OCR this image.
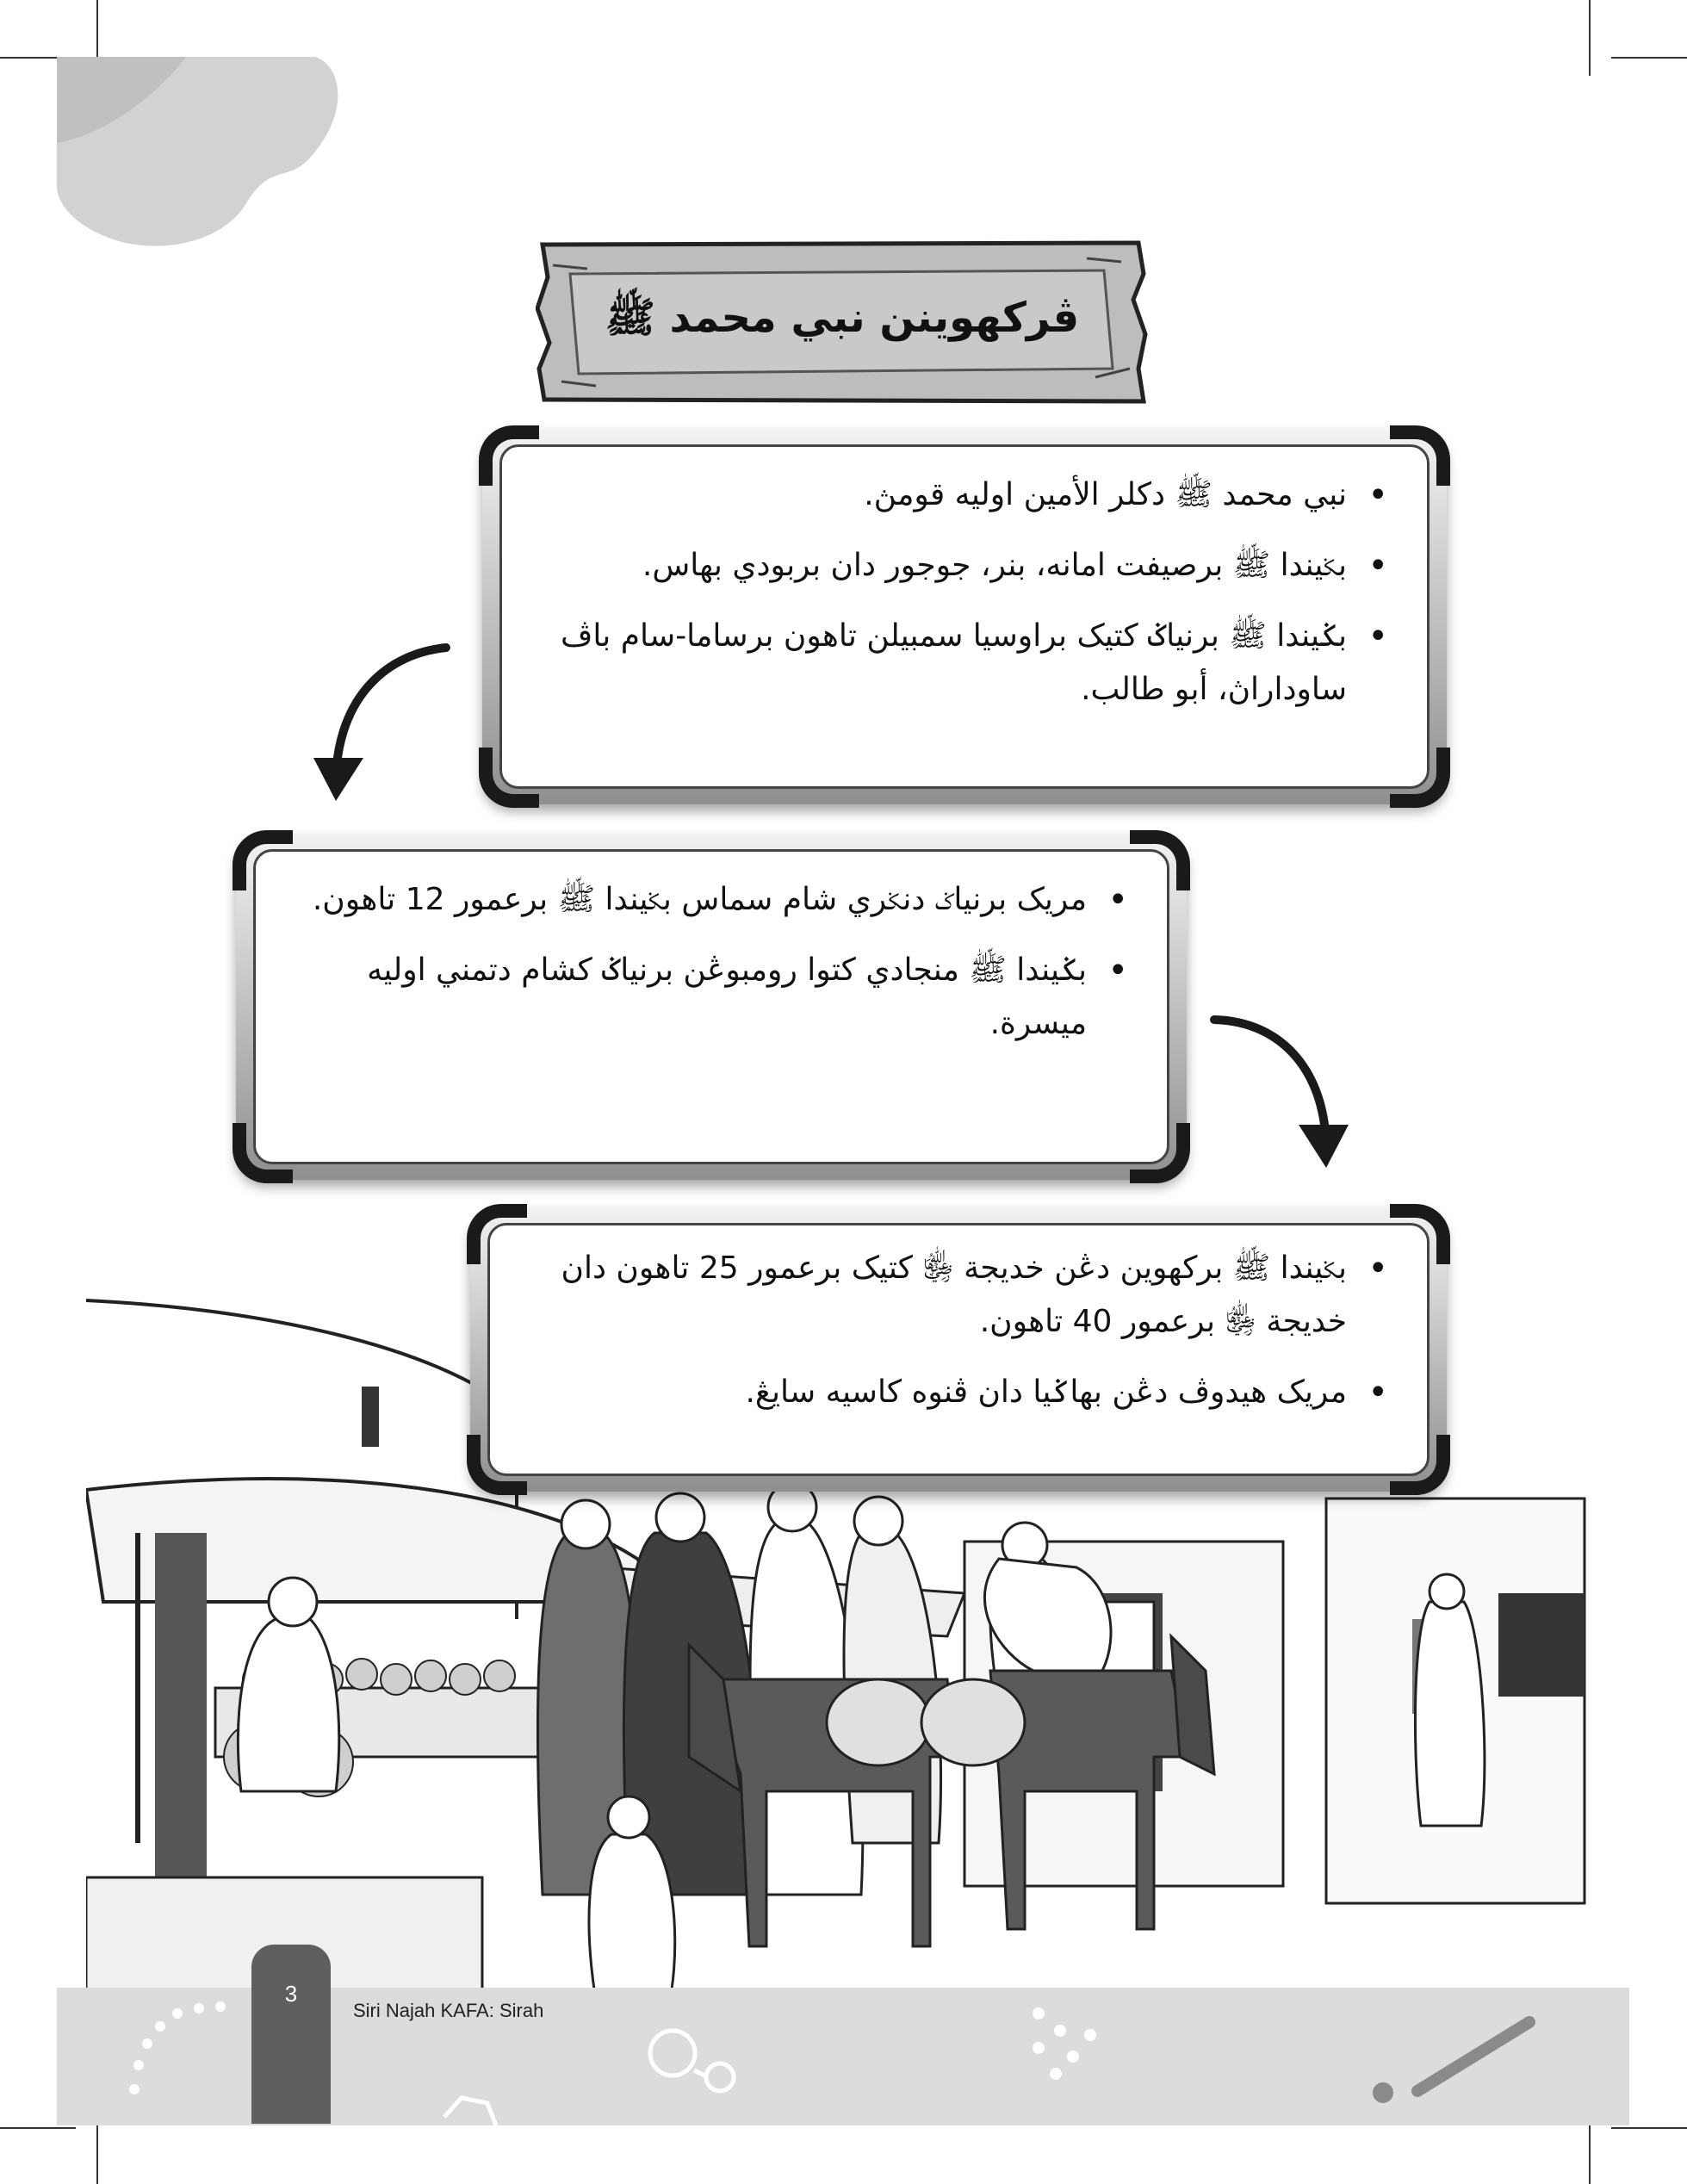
ڤركهوينن نبي محمد ﷺ
• نبي محمد ﷺ دكلر الأمين اوليه قومڽ.
• بݢيندا ﷺ برصيفت امانه، بنر، جوجور دان بربودي بهاس.
• بݢيندا ﷺ برنياݢ كتيک براوسيا سمبيلن تاهون برساما-سام باڤ ساوداراڽ، أبو طالب.
• مريک برنياݢ دنݢري شام سماس بݢيندا ﷺ برعمور 12 تاهون.
• بݢيندا ﷺ منجادي كتوا رومبوڠن برنياݢ كشام دتمني اوليه ميسرة.
• بݢيندا ﷺ بركهوين دڠن خديجة ﵂ كتيک برعمور 25 تاهون دان خديجة ﵂ برعمور 40 تاهون.
• مريک هيدوڤ دڠن بهاݢيا دان ڤنوه كاسيه سايڠ.
3
Siri Najah KAFA: Sirah
